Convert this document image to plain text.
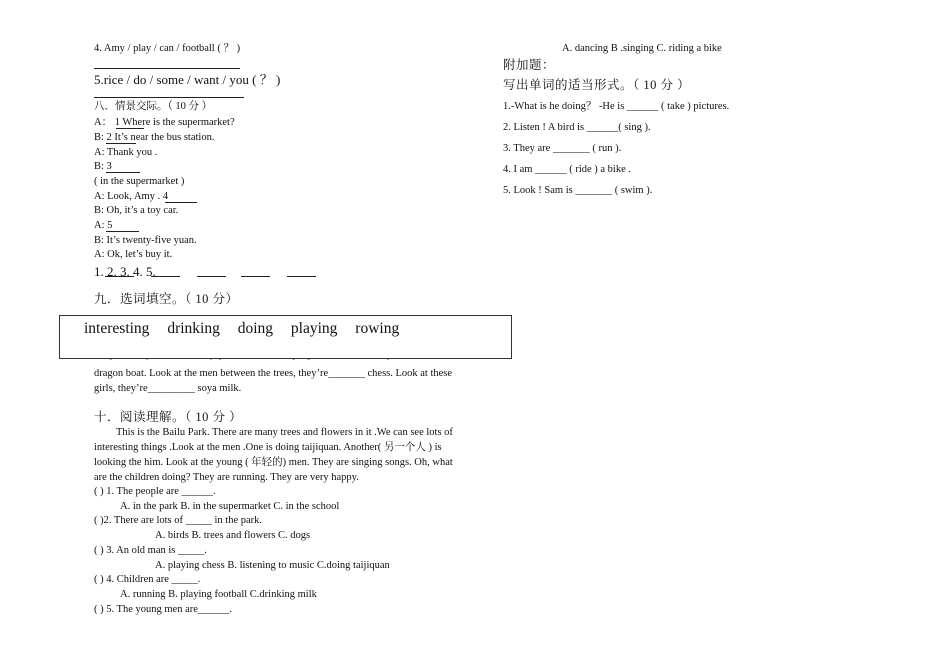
4. Amy / play / can / football ( ？ )
5.rice / do / some / want / you ( ？ )
八．情景交际。（ 10 分 ）
A： 1 Where is the supermarket?
B: 2 It’s near the bus station.
A: Thank you .
B: 3
( in the supermarket )
A: Look, Amy . 4
B: Oh, it’s a toy car.
A: 5
B: It’s twenty-five yuan.
A: Ok, let’s buy it.
1. 2. 3. 4. 5.
九．选词填空。（ 10 分）
interesting drinking doing playing rowing
dragon boat. Look at the men between the trees, they’re_______ chess. Look at these
girls, they’re_________ soya milk.
十．阅读理解。（ 10 分 ）
This is the Bailu Park. There are many trees and flowers in it .We can see lots of
interesting things .Look at the men .One is doing taijiquan. Another( 另一个人 ) is
looking the him. Look at the young ( 年轻的) men. They are singing songs. Oh, what
are the children doing? They are running. They are very happy.
( ) 1. The people are ______.
A. in the park B. in the supermarket C. in the school
( )2. There are lots of _____ in the park.
A. birds B. trees and flowers C. dogs
( ) 3. An old man is _____.
A. playing chess B. listening to music C.doing taijiquan
( ) 4. Children are _____.
A. running B. playing football C.drinking milk
( ) 5. The young men are______.
A. dancing B .singing C. riding a bike
附加题：
写出单词的适当形式。（ 10 分 ）
1.-What is he doing？ -He is ______ ( take ) pictures.
2. Listen ! A bird is ______( sing ).
3. They are _______ ( run ).
4. I am ______ ( ride ) a bike .
5. Look ! Sam is _______ ( swim ).
